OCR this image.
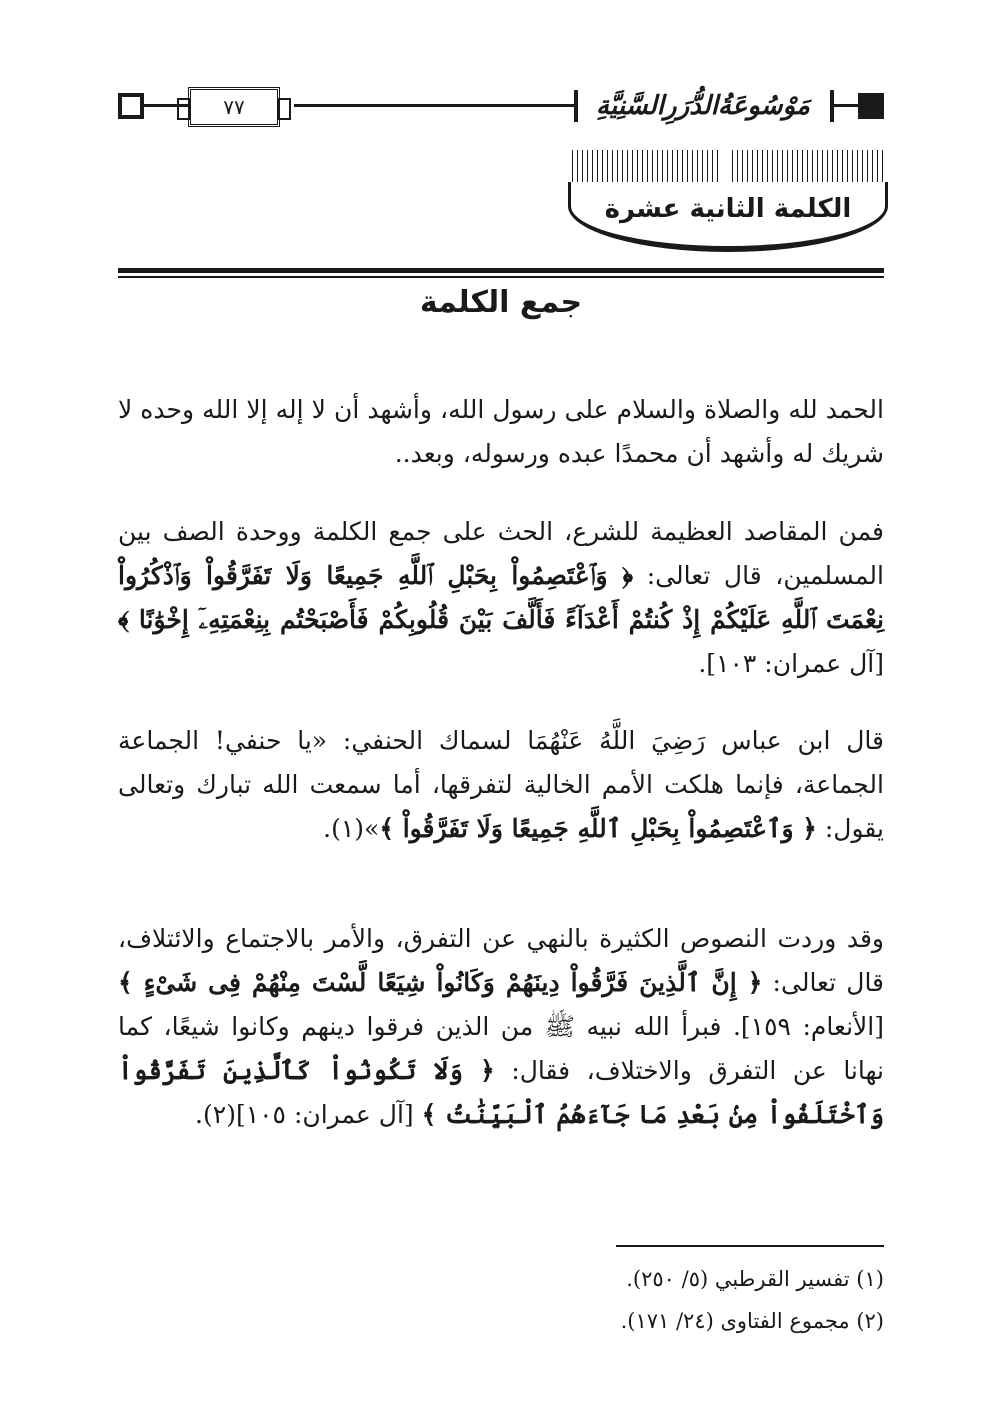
٧٧	مَوْسُوعَةُالدُّرَرِالسَّنِيَّةِ
الكلمة الثانية عشرة
جمع الكلمة

الحمد لله والصلاة والسلام على رسول الله، وأشهد أن لا إله إلا الله وحده لا شريك له وأشهد أن محمدًا عبده ورسوله، وبعد..

فمن المقاصد العظيمة للشرع، الحث على جمع الكلمة ووحدة الصف بين المسلمين، قال تعالى: ﴿ وَٱعْتَصِمُواْ بِحَبْلِ ٱللَّهِ جَمِيعًا وَلَا تَفَرَّقُواْ وَٱذْكُرُواْ نِعْمَتَ ٱللَّهِ عَلَيْكُمْ إِذْ كُنتُمْ أَعْدَآءً فَأَلَّفَ بَيْنَ قُلُوبِكُمْ فَأَصْبَحْتُم بِنِعْمَتِهِۦٓ إِخْوَٰنًا ﴾ [آل عمران: ١٠٣].

قال ابن عباس رَضِيَ اللَّهُ عَنْهُمَا لسماك الحنفي: «يا حنفي! الجماعة الجماعة، فإنما هلكت الأمم الخالية لتفرقها، أما سمعت الله تبارك وتعالى يقول: ﴿ وَٱعْتَصِمُواْ بِحَبْلِ ٱللَّهِ جَمِيعًا وَلَا تَفَرَّقُواْ ﴾»(١).

وقد وردت النصوص الكثيرة بالنهي عن التفرق، والأمر بالاجتماع والائتلاف، قال تعالى: ﴿ إِنَّ ٱلَّذِينَ فَرَّقُواْ دِينَهُمْ وَكَانُواْ شِيَعًا لَّسْتَ مِنْهُمْ فِى شَىْءٍ ﴾ [الأنعام: ١٥٩]. فبرأ الله نبيه ﷺ من الذين فرقوا دينهم وكانوا شيعًا، كما نهانا عن التفرق والاختلاف، فقال: ﴿ وَلَا تَكُونُواْ كَٱلَّذِينَ تَفَرَّقُواْ وَٱخْتَلَفُواْ مِنۢ بَعْدِ مَا جَآءَهُمُ ٱلْبَيِّنَٰتُ ﴾ [آل عمران: ١٠٥](٢).

(١) تفسير القرطبي (٥/ ٢٥٠).

(٢) مجموع الفتاوى (٢٤/ ١٧١).
